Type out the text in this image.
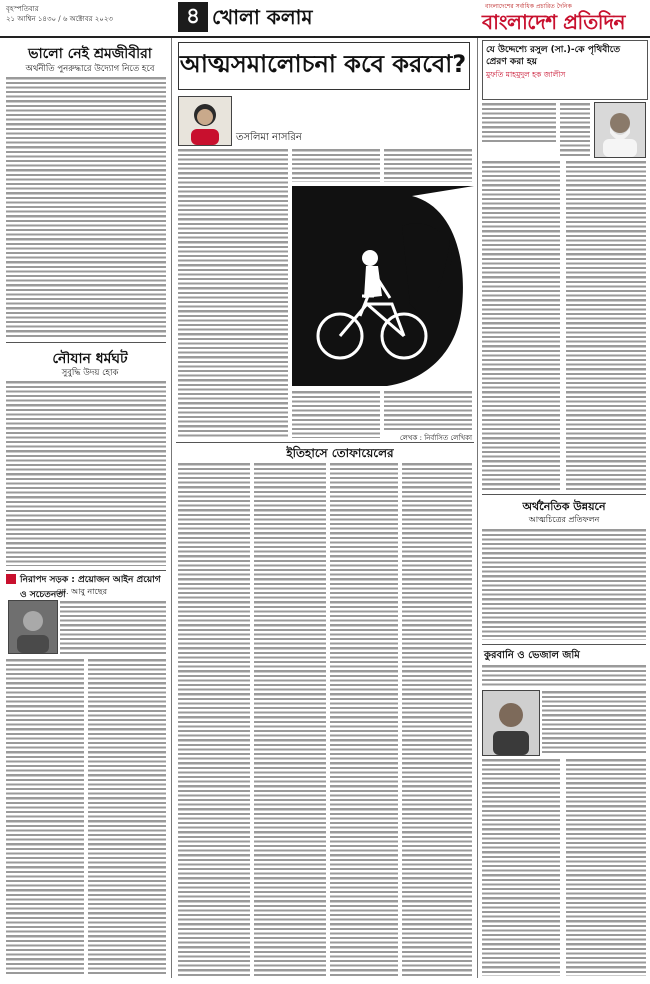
বৃহস্পতিবার
২১ আশ্বিন ১৪৩০ / ৬ অক্টোবর ২০২৩	৪ খোলা কলাম	বাংলাদেশের সর্বাধিক প্রচারিত দৈনিক
বাংলাদেশ প্রতিদিন
ভালো নেই শ্রমজীবীরা
অর্থনীতি পুনরুদ্ধারে উদ্যোগ নিতে হবে
নৌযান ধর্মঘট
সুবুদ্ধি উদয় হোক
নিরাপদ সড়ক : প্রয়োজন আইন প্রয়োগ ও সচেতনতা
মো. আবু নাছের
আত্মসমালোচনা কবে করবো?
তসলিমা নাসরিন
লেখক : নির্বাসিত লেখিকা
ইতিহাসে তোফায়েলের
যে উদ্দেশ্যে রসুল (সা.)-কে পৃথিবীতে প্রেরণ করা হয়
মুফতি মাহমুদুল হক জালীস
অর্থনৈতিক উন্নয়নে
আত্মচিত্রের প্রতিফলন
কুরবানি ও ভেজাল জমি
